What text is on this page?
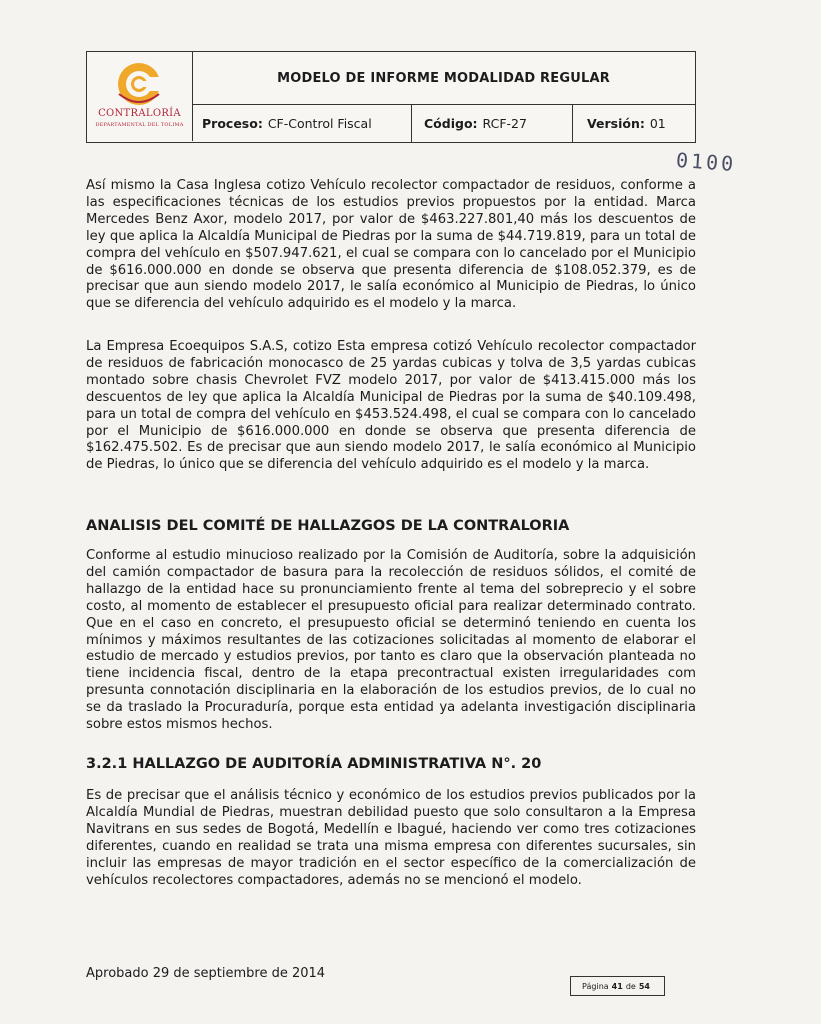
CONTRALORÍA
DEPARTAMENTAL DEL TOLIMA
MODELO DE INFORME MODALIDAD REGULAR
Proceso: CF-Control Fiscal	Código: RCF-27	Versión: 01
0100

Así mismo la Casa Inglesa cotizo Vehículo recolector compactador de residuos, conforme a las especificaciones técnicas de los estudios previos propuestos por la entidad. Marca Mercedes Benz Axor, modelo 2017, por valor de $463.227.801,40 más los descuentos de ley que aplica la Alcaldía Municipal de Piedras por la suma de $44.719.819, para un total de compra del vehículo en $507.947.621, el cual se compara con lo cancelado por el Municipio de $616.000.000 en donde se observa que presenta diferencia de $108.052.379, es de precisar que aun siendo modelo 2017, le salía económico al Municipio de Piedras, lo único que se diferencia del vehículo adquirido es el modelo y la marca.

La Empresa Ecoequipos S.A.S, cotizo Esta empresa cotizó Vehículo recolector compactador de residuos de fabricación monocasco de 25 yardas cubicas y tolva de 3,5 yardas cubicas montado sobre chasis Chevrolet FVZ modelo 2017, por valor de $413.415.000 más los descuentos de ley que aplica la Alcaldía Municipal de Piedras por la suma de $40.109.498, para un total de compra del vehículo en $453.524.498, el cual se compara con lo cancelado por el Municipio de $616.000.000 en donde se observa que presenta diferencia de $162.475.502. Es de precisar que aun siendo modelo 2017, le salía económico al Municipio de Piedras, lo único que se diferencia del vehículo adquirido es el modelo y la marca.

ANALISIS DEL COMITÉ DE HALLAZGOS DE LA CONTRALORIA

Conforme al estudio minucioso realizado por la Comisión de Auditoría, sobre la adquisición del camión compactador de basura para la recolección de residuos sólidos, el comité de hallazgo de la entidad hace su pronunciamiento frente al tema del sobreprecio y el sobre costo, al momento de establecer el presupuesto oficial para realizar determinado contrato. Que en el caso en concreto, el presupuesto oficial se determinó teniendo en cuenta los mínimos y máximos resultantes de las cotizaciones solicitadas al momento de elaborar el estudio de mercado y estudios previos, por tanto es claro que la observación planteada no tiene incidencia fiscal, dentro de la etapa precontractual existen irregularidades com presunta connotación disciplinaria en la elaboración de los estudios previos, de lo cual no se da traslado la Procuraduría, porque esta entidad ya adelanta investigación disciplinaria sobre estos mismos hechos.

3.2.1 HALLAZGO DE AUDITORÍA ADMINISTRATIVA N°. 20

Es de precisar que el análisis técnico y económico de los estudios previos publicados por la Alcaldía Mundial de Piedras, muestran debilidad puesto que solo consultaron a la Empresa Navitrans en sus sedes de Bogotá, Medellín e Ibagué, haciendo ver como tres cotizaciones diferentes, cuando en realidad se trata una misma empresa con diferentes sucursales, sin incluir las empresas de mayor tradición en el sector específico de la comercialización de vehículos recolectores compactadores, además no se mencionó el modelo.

Aprobado 29 de septiembre de 2014
Página 41 de 54
